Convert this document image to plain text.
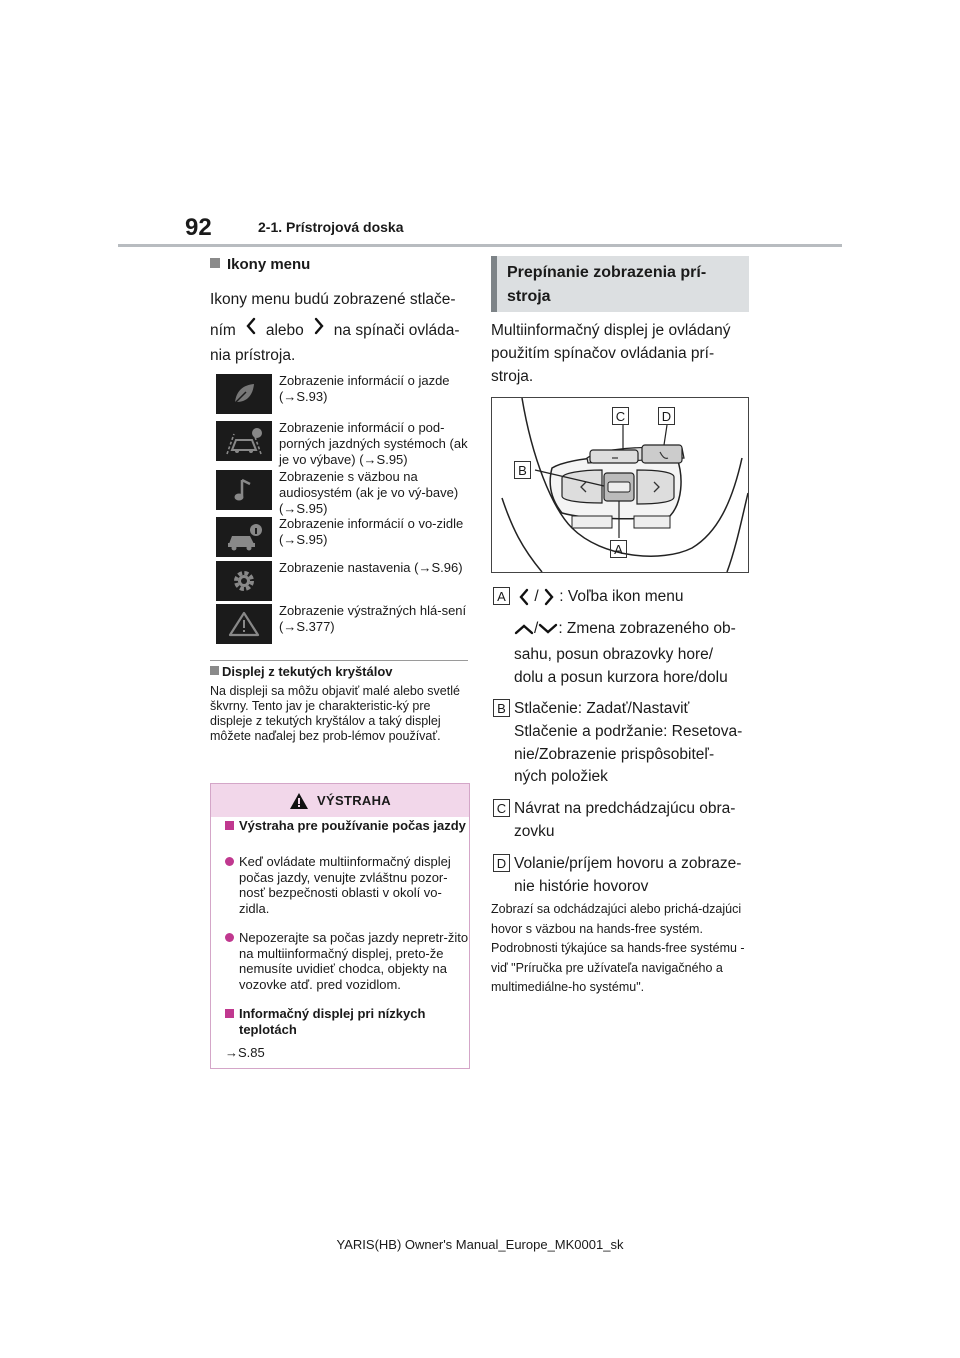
92	2-1. Prístrojová doska
Ikony menu
Ikony menu budú zobrazené stlače-
ním alebo na spínači ovláda-
nia prístroja.
Zobrazenie informácií o jazde (→S.93)
Zobrazenie informácií o pod-porných jazdných systémoch (ak je vo výbave) (→S.95)
Zobrazenie s väzbou na audiosystém (ak je vo vý-bave) (→S.95)
Zobrazenie informácií o vo-zidle (→S.95)
Zobrazenie nastavenia (→S.96)
Zobrazenie výstražných hlá-sení (→S.377)
Displej z tekutých kryštálov
Na displeji sa môžu objaviť malé alebo svetlé škvrny. Tento jav je charakteristic-ký pre displeje z tekutých kryštálov a taký displej môžete naďalej bez prob-lémov používať.
VÝSTRAHA
Výstraha pre používanie počas jazdy
Keď ovládate multiinformačný displej počas jazdy, venujte zvláštnu pozor-nosť bezpečnosti oblasti v okolí vo-zidla.
Nepozerajte sa počas jazdy nepretr-žito na multiinformačný displej, preto-že nemusíte uvidieť chodca, objekty na vozovke atď. pred vozidlom.
Informačný displej pri nízkych teplotách
→S.85
Prepínanie zobrazenia prí-stroja
Multiinformačný displej je ovládaný použitím spínačov ovládania prí-stroja.
C	D
B
A
A	/ : Voľba ikon menu
/ : Zmena zobrazeného ob-
sahu, posun obrazovky hore/
dolu a posun kurzora hore/dolu
B Stlačenie: Zadať/Nastaviť
Stlačenie a podržanie: Resetova-
nie/Zobrazenie prispôsobiteľ-
ných položiek
C Návrat na predchádzajúcu obra-
zovku
D Volanie/príjem hovoru a zobraze-
nie histórie hovorov
Zobrazí sa odchádzajúci alebo prichá-dzajúci hovor s väzbou na hands-free systém. Podrobnosti týkajúce sa hands-free systému - viď "Príručka pre užívateľa navigačného a multimediálne-ho systému".
YARIS(HB) Owner's Manual_Europe_MK0001_sk
